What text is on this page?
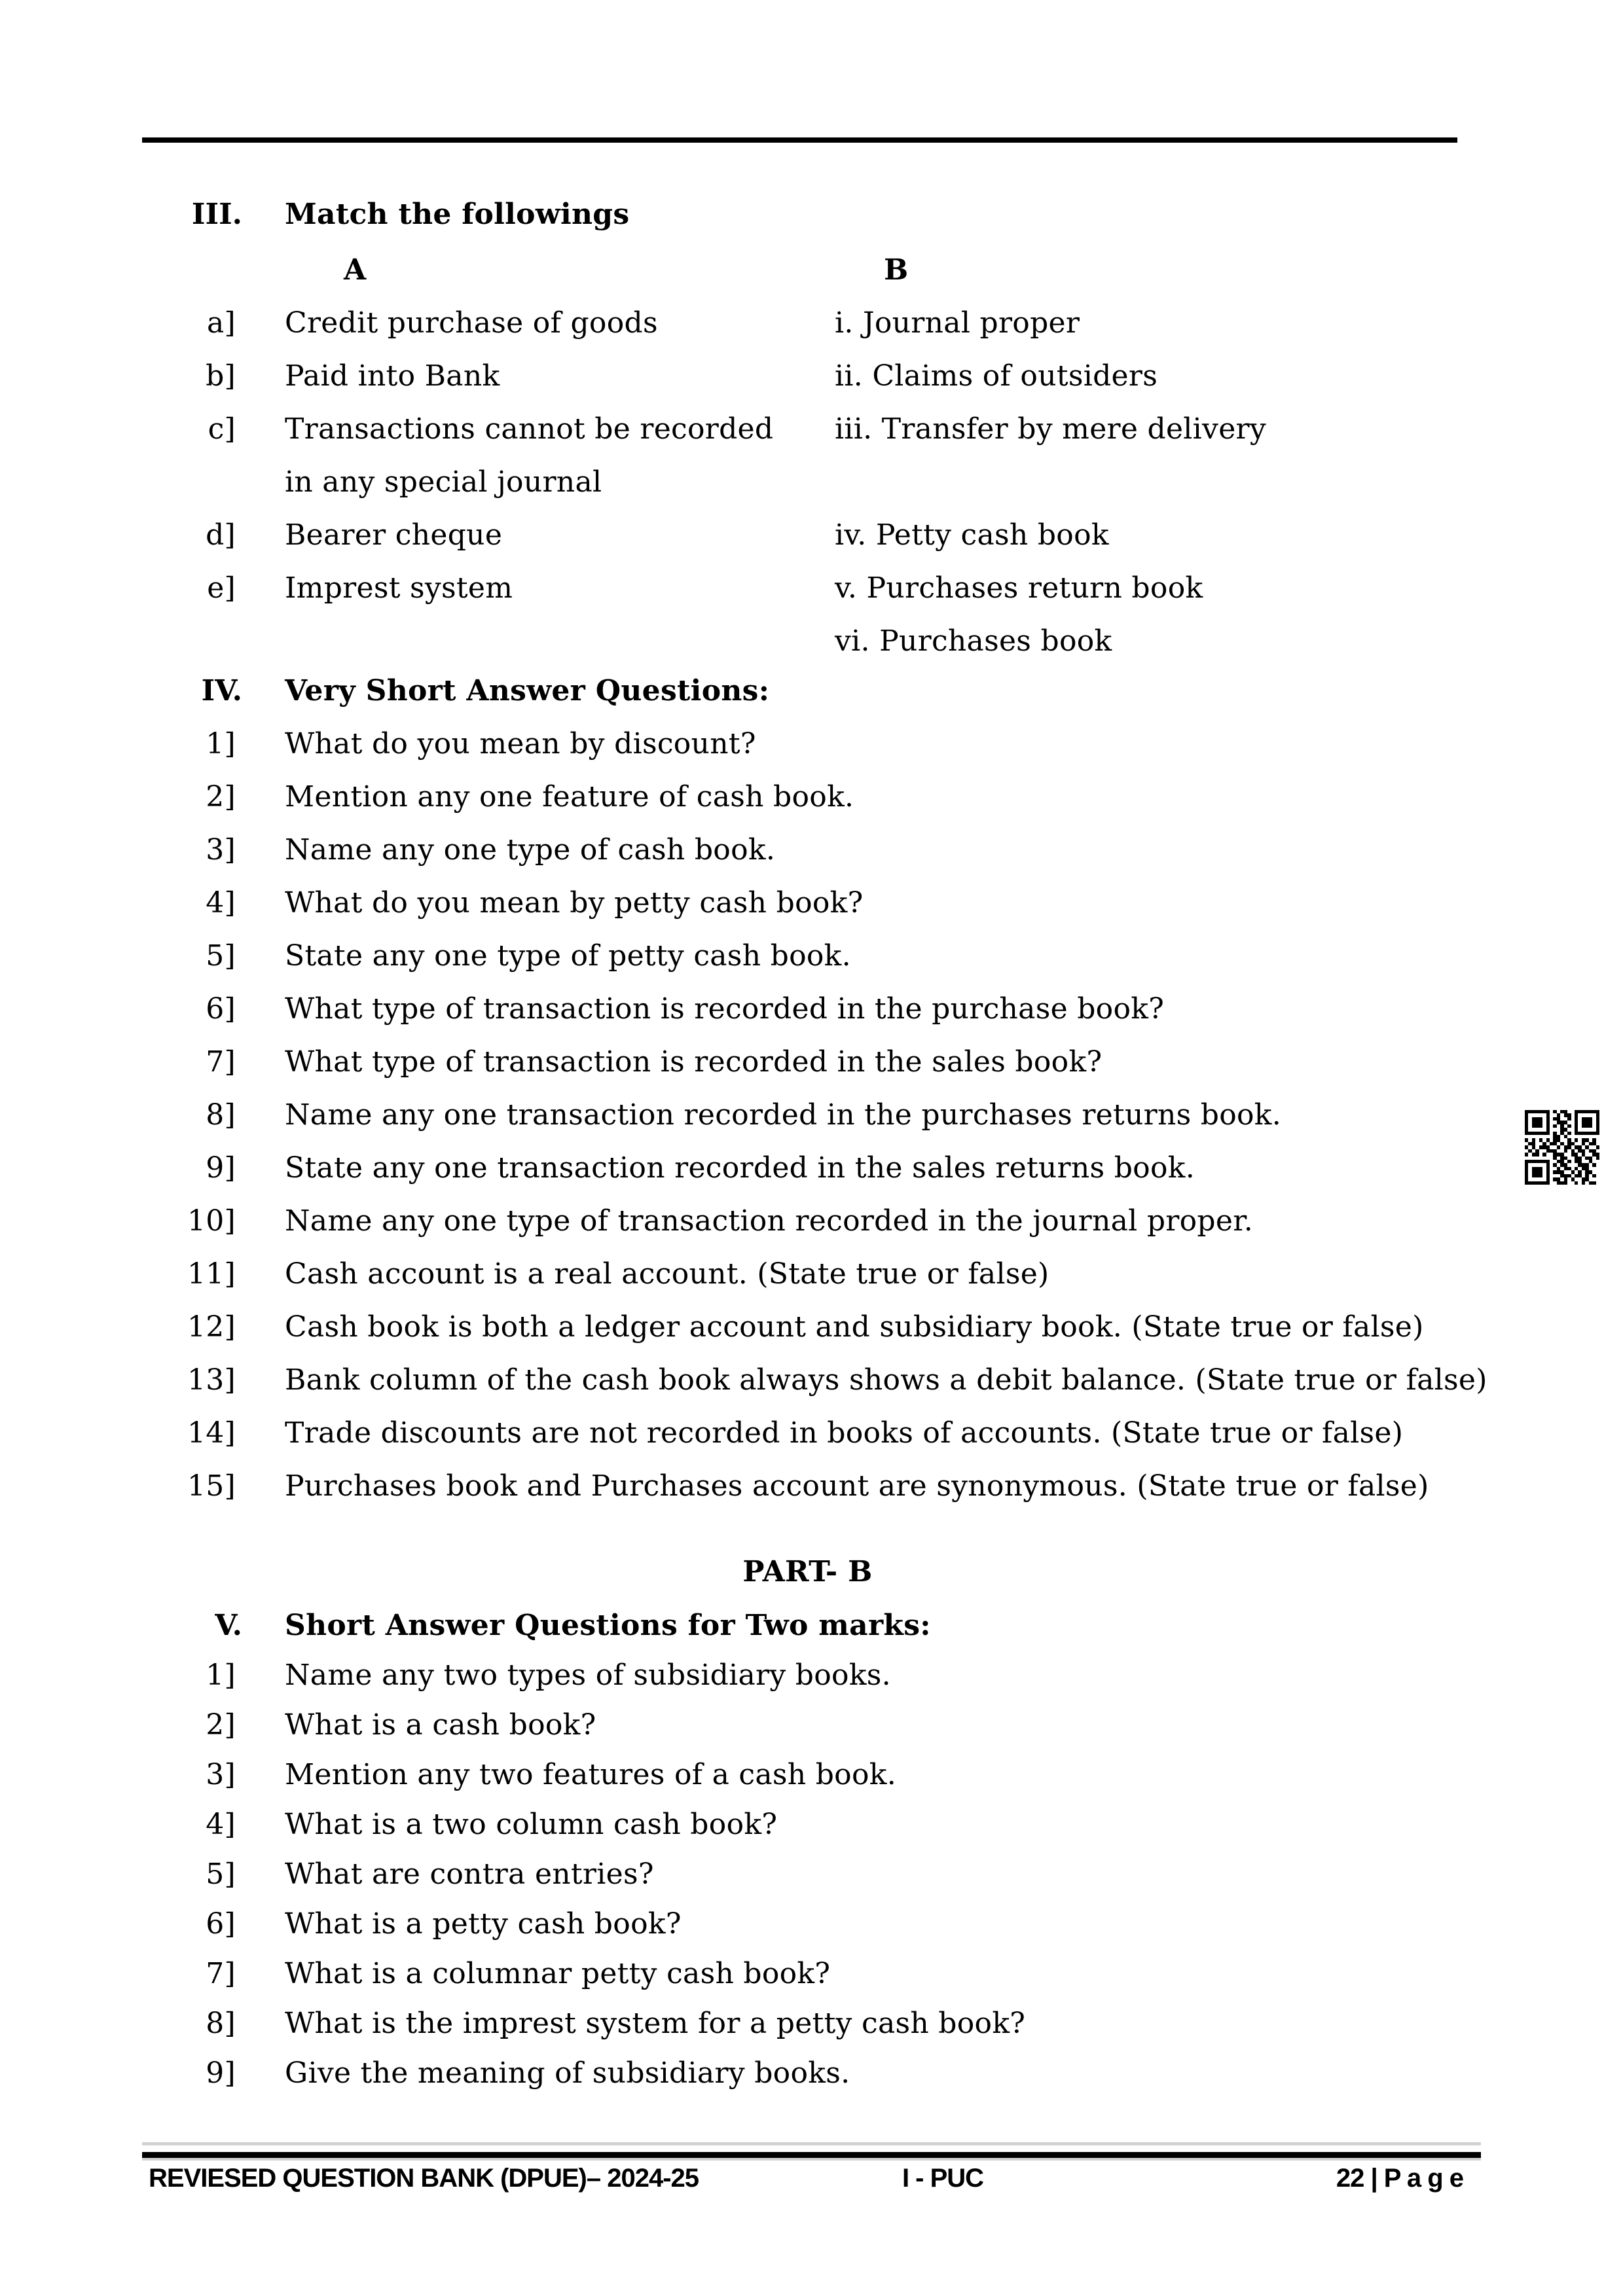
III. Match the followings
A	B
a] Credit purchase of goods	i. Journal proper
b] Paid into Bank	ii. Claims of outsiders
c] Transactions cannot be recorded	iii. Transfer by mere delivery
in any special journal
d] Bearer cheque	iv. Petty cash book
e] Imprest system	v. Purchases return book
vi. Purchases book
IV. Very Short Answer Questions:
1] What do you mean by discount?
2] Mention any one feature of cash book.
3] Name any one type of cash book.
4] What do you mean by petty cash book?
5] State any one type of petty cash book.
6] What type of transaction is recorded in the purchase book?
7] What type of transaction is recorded in the sales book?
8] Name any one transaction recorded in the purchases returns book.
9] State any one transaction recorded in the sales returns book.
10] Name any one type of transaction recorded in the journal proper.
11] Cash account is a real account. (State true or false)
12] Cash book is both a ledger account and subsidiary book. (State true or false)
13] Bank column of the cash book always shows a debit balance. (State true or false)
14] Trade discounts are not recorded in books of accounts. (State true or false)
15] Purchases book and Purchases account are synonymous. (State true or false)
PART- B
V. Short Answer Questions for Two marks:
1] Name any two types of subsidiary books.
2] What is a cash book?
3] Mention any two features of a cash book.
4] What is a two column cash book?
5] What are contra entries?
6] What is a petty cash book?
7] What is a columnar petty cash book?
8] What is the imprest system for a petty cash book?
9] Give the meaning of subsidiary books.
REVIESED QUESTION BANK (DPUE)– 2024-25	I - PUC	22 | P a g e
